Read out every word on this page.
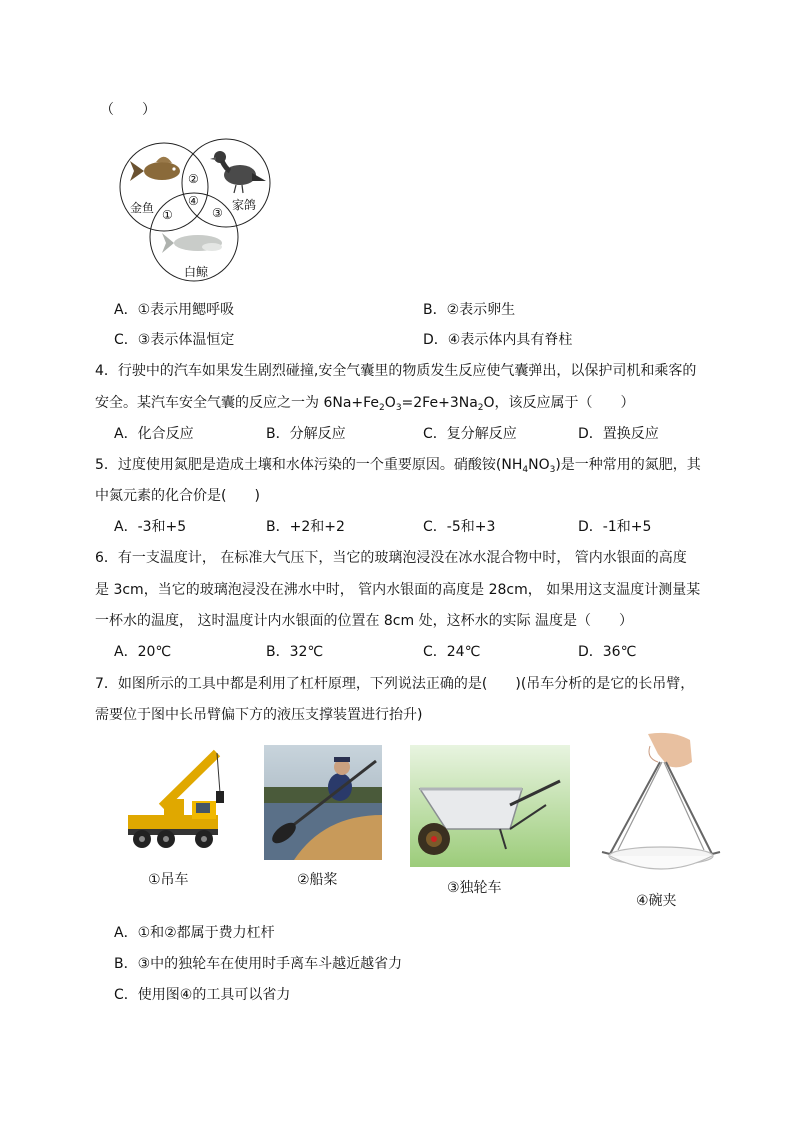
（　　）
金鱼	家鸽
白鲸
①
②
③
④
A．①表示用鳃呼吸	B．②表示卵生
C．③表示体温恒定	D．④表示体内具有脊柱
4．行驶中的汽车如果发生剧烈碰撞,安全气囊里的物质发生反应使气囊弹出，以保护司机和乘客的
安全。某汽车安全气囊的反应之一为 $6Na+Fe_2O_3=2Fe+3Na_2O$，该反应属于（　　）
A．化合反应	B．分解反应	C．复分解反应	D．置换反应
5．过度使用氮肥是造成土壤和水体污染的一个重要原因。硝酸铵$(NH_4NO_3)$是一种常用的氮肥，其
中氮元素的化合价是(　　)
A．-3和+5	B．+2和+2	C．-5和+3	D．-1和+5
6．有一支温度计， 在标准大气压下，当它的玻璃泡浸没在冰水混合物中时， 管内水银面的高度
是 3cm，当它的玻璃泡浸没在沸水中时， 管内水银面的高度是 28cm， 如果用这支温度计测量某
一杯水的温度， 这时温度计内水银面的位置在 8cm 处，这杯水的实际 温度是（　　）
A．20℃	B．32℃	C．24℃	D．36℃
7．如图所示的工具中都是利用了杠杆原理，下列说法正确的是(　　)(吊车分析的是它的长吊臂，
需要位于图中长吊臂偏下方的液压支撑装置进行抬升)
①吊车	②船桨	③独轮车
④碗夹
A．①和②都属于费力杠杆
B．③中的独轮车在使用时手离车斗越近越省力
C．使用图④的工具可以省力
